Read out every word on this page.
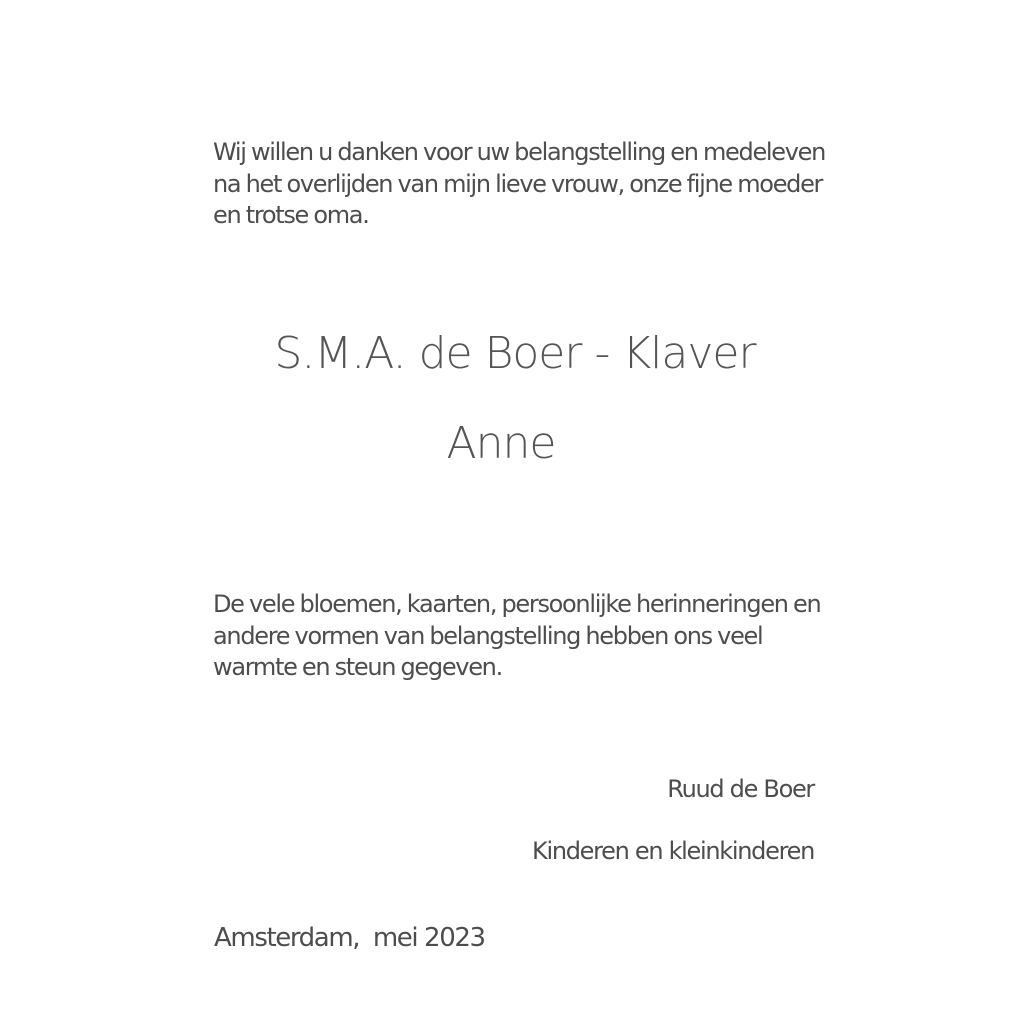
Wij willen u danken voor uw belangstelling en medeleven
na het overlijden van mijn lieve vrouw, onze fijne moeder
en trotse oma.
S.M.A. de Boer - Klaver
Anne
De vele bloemen, kaarten, persoonlijke herinneringen en
andere vormen van belangstelling hebben ons veel
warmte en steun gegeven.
Ruud de Boer
Kinderen en kleinkinderen
Amsterdam,  mei 2023
